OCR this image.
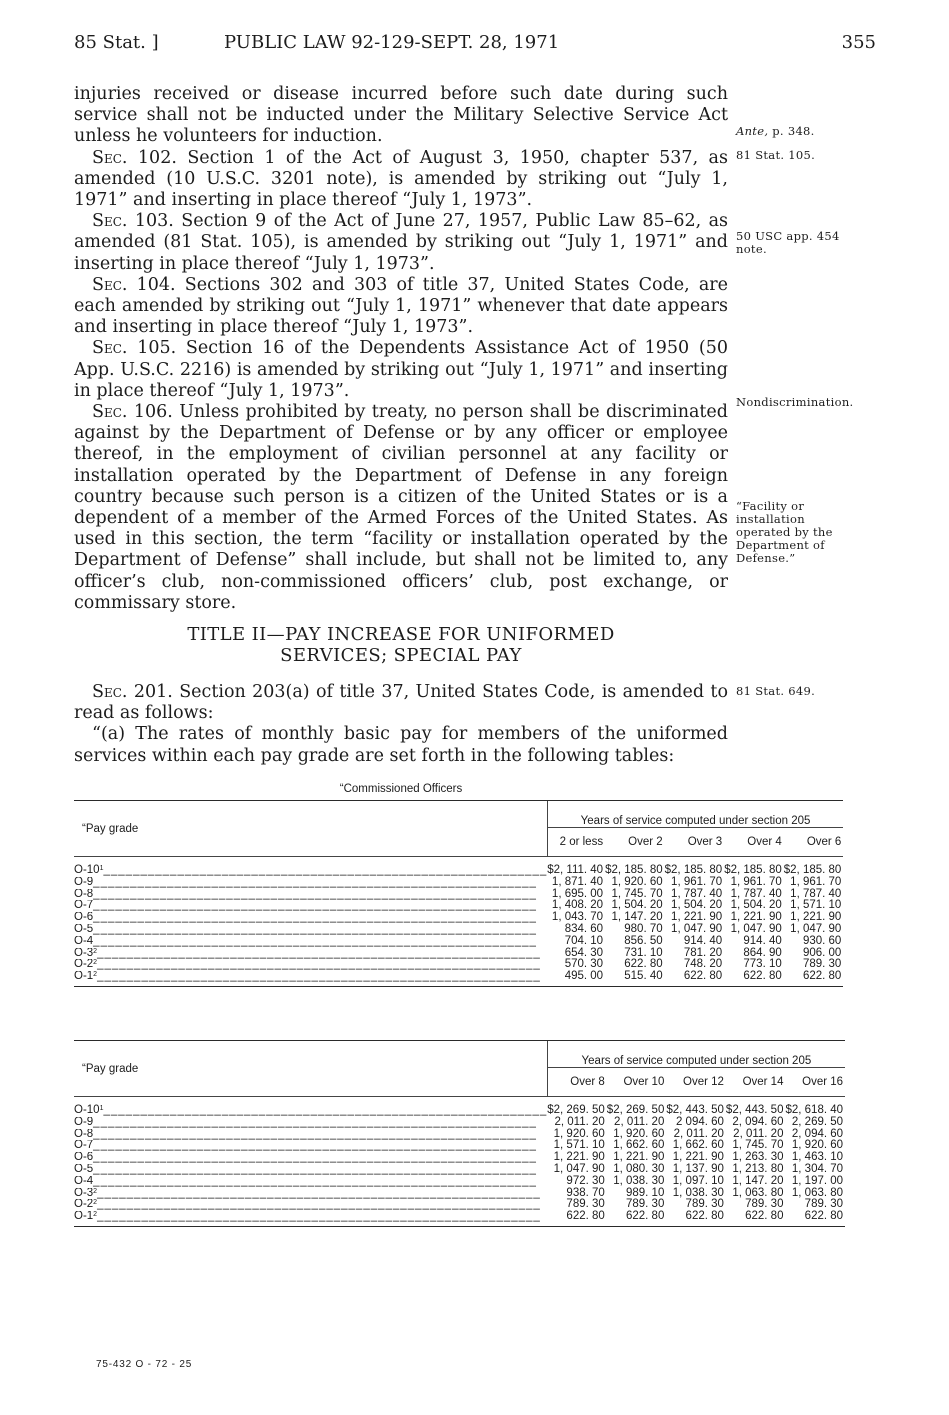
85 Stat. ]	PUBLIC LAW 92-129-SEPT. 28, 1971	355

injuries received or disease incurred before such date during such service shall not be inducted under the Military Selective Service Act unless he volunteers for induction.

Sec. 102. Section 1 of the Act of August 3, 1950, chapter 537, as amended (10 U.S.C. 3201 note), is amended by striking out “July 1, 1971” and inserting in place thereof “July 1, 1973”.

Sec. 103. Section 9 of the Act of June 27, 1957, Public Law 85–62, as amended (81 Stat. 105), is amended by striking out “July 1, 1971” and inserting in place thereof “July 1, 1973”.

Sec. 104. Sections 302 and 303 of title 37, United States Code, are each amended by striking out “July 1, 1971” whenever that date appears and inserting in place thereof “July 1, 1973”.

Sec. 105. Section 16 of the Dependents Assistance Act of 1950 (50 App. U.S.C. 2216) is amended by striking out “July 1, 1971” and inserting in place thereof “July 1, 1973”.

Sec. 106. Unless prohibited by treaty, no person shall be discriminated against by the Department of Defense or by any officer or employee thereof, in the employment of civilian personnel at any facility or installation operated by the Department of Defense in any foreign country because such person is a citizen of the United States or is a dependent of a member of the Armed Forces of the United States. As used in this section, the term “facility or installation operated by the Department of Defense” shall include, but shall not be limited to, any officer’s club, non-commissioned officers’ club, post exchange, or commissary store.

Ante, p. 348.
81 Stat. 105.
50 USC app. 454 note.
Nondiscrimination.
“Facility or installation operated by the Department of Defense.”
81 Stat. 649.
TITLE II—PAY INCREASE FOR UNIFORMED
SERVICES; SPECIAL PAY

Sec. 201. Section 203(a) of title 37, United States Code, is amended to read as follows:

“(a) The rates of monthly basic pay for members of the uniformed services within each pay grade are set forth in the following tables:

“Commissioned Officers

“Pay grade	Years of service computed under section 205				
	2 or less	Over 2	Over 3	Over 4	Over 6
$O-10^1\_\_\_\_\_\_\_\_\_\_\_\_\_\_\_\_\_\_\_\_\_\_\_\_\_\_\_\_\_\_\_\_\_\_\_\_\_\_\_\_\_\_\_\_\_\_\_\_\_\_\_\_\_\_\_\_\_\_\_\_$	$2, 111. 40	$2, 185. 80	$2, 185. 80	$2, 185. 80	$2, 185. 80
O-9____________________________________________________________	1, 871. 40	1, 920. 60	1, 961. 70	1, 961. 70	1, 961. 70
O-8____________________________________________________________	1, 695. 00	1, 745. 70	1, 787. 40	1, 787. 40	1, 787. 40
O-7____________________________________________________________	1, 408. 20	1, 504. 20	1, 504. 20	1, 504. 20	1, 571. 10
O-6____________________________________________________________	1, 043. 70	1, 147. 20	1, 221. 90	1, 221. 90	1, 221. 90
O-5____________________________________________________________	834. 60	980. 70	1, 047. 90	1, 047. 90	1, 047. 90
O-4____________________________________________________________	704. 10	856. 50	914. 40	914. 40	930. 60
$O-3^2\_\_\_\_\_\_\_\_\_\_\_\_\_\_\_\_\_\_\_\_\_\_\_\_\_\_\_\_\_\_\_\_\_\_\_\_\_\_\_\_\_\_\_\_\_\_\_\_\_\_\_\_\_\_\_\_\_\_\_\_$	654. 30	731. 10	781. 20	864. 90	906. 00
$O-2^2\_\_\_\_\_\_\_\_\_\_\_\_\_\_\_\_\_\_\_\_\_\_\_\_\_\_\_\_\_\_\_\_\_\_\_\_\_\_\_\_\_\_\_\_\_\_\_\_\_\_\_\_\_\_\_\_\_\_\_\_$	570. 30	622. 80	748. 20	773. 10	789. 30
$O-1^2\_\_\_\_\_\_\_\_\_\_\_\_\_\_\_\_\_\_\_\_\_\_\_\_\_\_\_\_\_\_\_\_\_\_\_\_\_\_\_\_\_\_\_\_\_\_\_\_\_\_\_\_\_\_\_\_\_\_\_\_$	495. 00	515. 40	622. 80	622. 80	622. 80

“Pay grade	Years of service computed under section 205				
	Over 8	Over 10	Over 12	Over 14	Over 16
$O-10^1\_\_\_\_\_\_\_\_\_\_\_\_\_\_\_\_\_\_\_\_\_\_\_\_\_\_\_\_\_\_\_\_\_\_\_\_\_\_\_\_\_\_\_\_\_\_\_\_\_\_\_\_\_\_\_\_\_\_\_\_$	$2, 269. 50	$2, 269. 50	$2, 443. 50	$2, 443. 50	$2, 618. 40
O-9____________________________________________________________	2, 011. 20	2, 011. 20	2 094. 60	2, 094. 60	2, 269. 50
O-8____________________________________________________________	1, 920. 60	1, 920. 60	2, 011. 20	2, 011. 20	2, 094. 60
O-7____________________________________________________________	1, 571. 10	1, 662. 60	1, 662. 60	1, 745. 70	1, 920. 60
O-6____________________________________________________________	1, 221. 90	1, 221. 90	1, 221. 90	1, 263. 30	1, 463. 10
O-5____________________________________________________________	1, 047. 90	1, 080. 30	1, 137. 90	1, 213. 80	1, 304. 70
O-4____________________________________________________________	972. 30	1, 038. 30	1, 097. 10	1, 147. 20	1, 197. 00
$O-3^2\_\_\_\_\_\_\_\_\_\_\_\_\_\_\_\_\_\_\_\_\_\_\_\_\_\_\_\_\_\_\_\_\_\_\_\_\_\_\_\_\_\_\_\_\_\_\_\_\_\_\_\_\_\_\_\_\_\_\_\_$	938. 70	989. 10	1, 038. 30	1, 063. 80	1, 063. 80
$O-2^2\_\_\_\_\_\_\_\_\_\_\_\_\_\_\_\_\_\_\_\_\_\_\_\_\_\_\_\_\_\_\_\_\_\_\_\_\_\_\_\_\_\_\_\_\_\_\_\_\_\_\_\_\_\_\_\_\_\_\_\_$	789. 30	789. 30	789. 30	789. 30	789. 30
$O-1^2\_\_\_\_\_\_\_\_\_\_\_\_\_\_\_\_\_\_\_\_\_\_\_\_\_\_\_\_\_\_\_\_\_\_\_\_\_\_\_\_\_\_\_\_\_\_\_\_\_\_\_\_\_\_\_\_\_\_\_\_$	622. 80	622. 80	622. 80	622. 80	622. 80

75-432 O - 72 - 25
